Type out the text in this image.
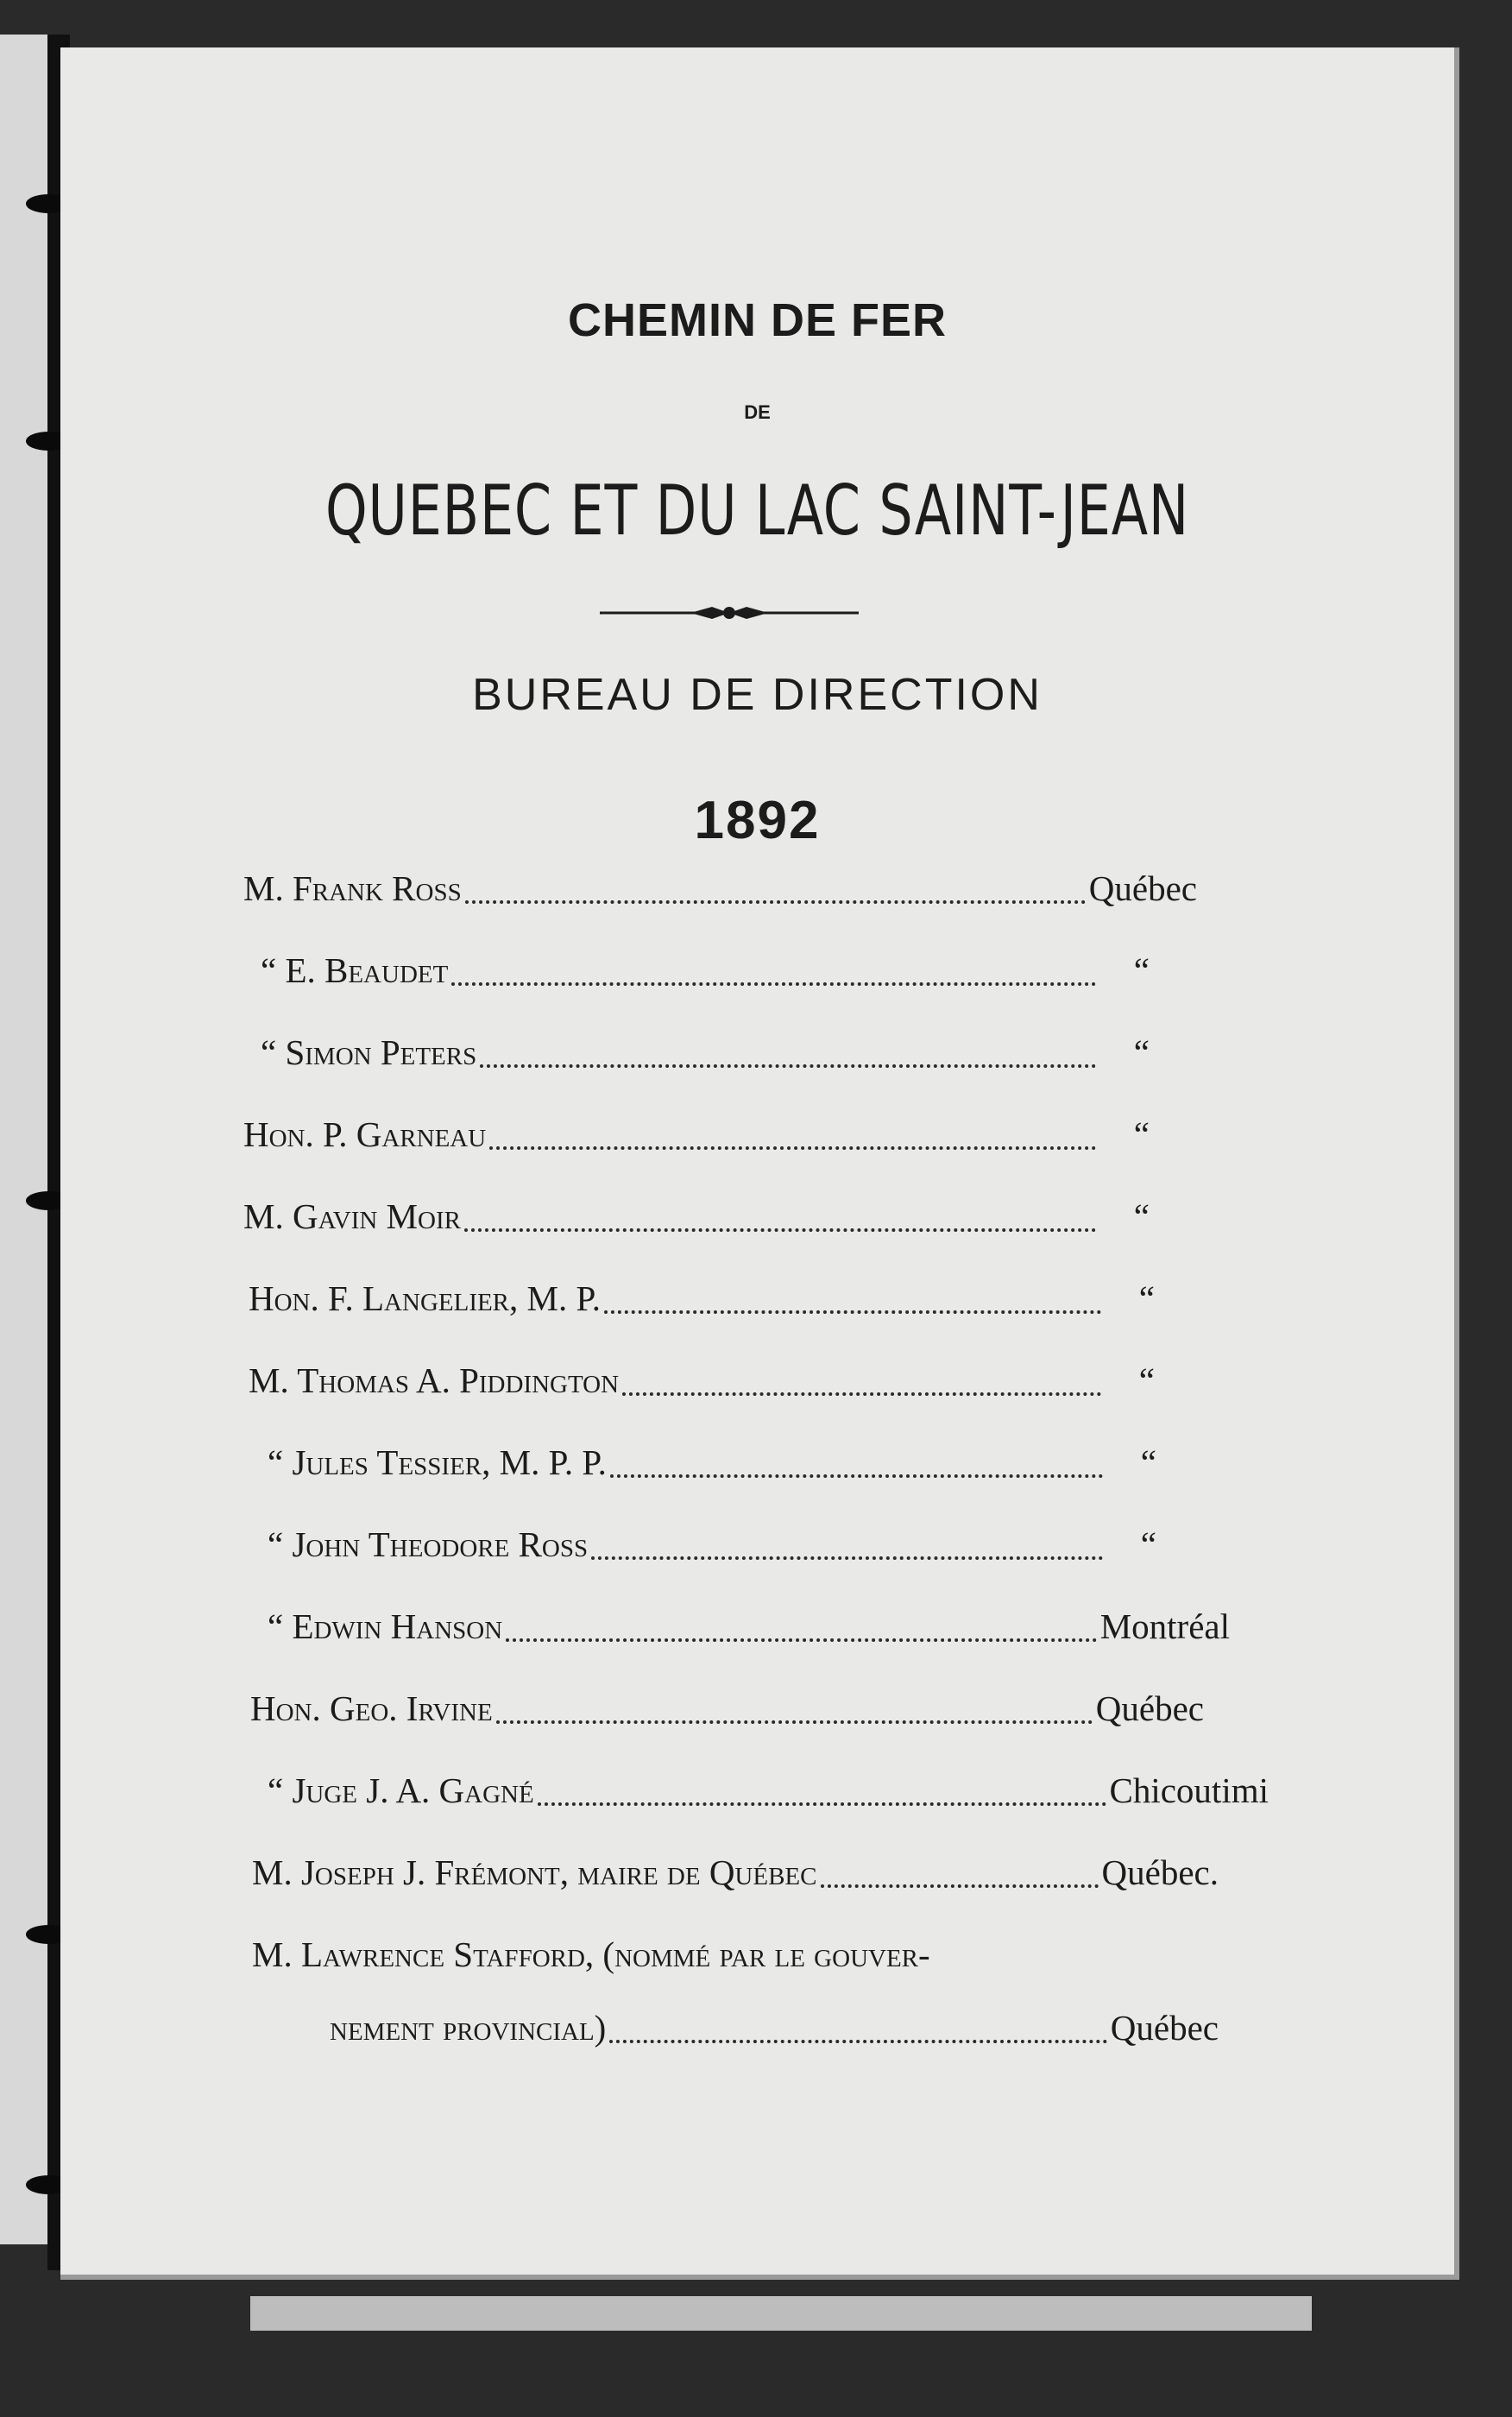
CHEMIN DE FER
DE
QUEBEC ET DU LAC SAINT-JEAN
BUREAU DE DIRECTION
1892
M. Frank Ross	Québec
“ E. Beaudet	“
“ Simon Peters	“
Hon. P. Garneau	“
M. Gavin Moir	“
Hon. F. Langelier, M. P.	“
M. Thomas A. Piddington	“
“ Jules Tessier, M. P. P.	“
“ John Theodore Ross	“
“ Edwin Hanson	Montréal
Hon. Geo. Irvine	Québec
“ Juge J. A. Gagné	Chicoutimi
M. Joseph J. Frémont, maire de Québec	Québec.
M. Lawrence Stafford, (nommé par le gouver-
nement provincial)	Québec
